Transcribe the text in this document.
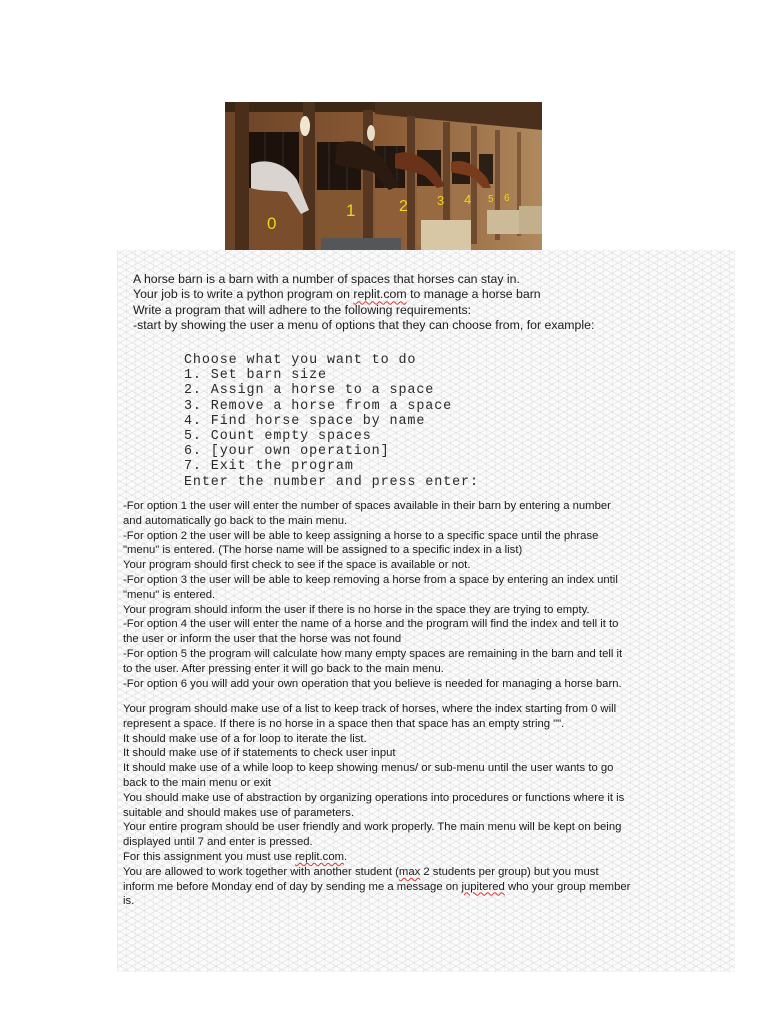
0
1	2 3 4 5 6
A horse barn is a barn with a number of spaces that horses can stay in.
Your job is to write a python program on replit.com to manage a horse barn
Write a program that will adhere to the following requirements:
-start by showing the user a menu of options that they can choose from, for example:
Choose what you want to do
1. Set barn size
2. Assign a horse to a space
3. Remove a horse from a space
4. Find horse space by name
5. Count empty spaces
6. [your own operation]
7. Exit the program
Enter the number and press enter:
-For option 1 the user will enter the number of spaces available in their barn by entering a number
and automatically go back to the main menu.
-For option 2 the user will be able to keep assigning a horse to a specific space until the phrase
"menu" is entered. (The horse name will be assigned to a specific index in a list)
Your program should first check to see if the space is available or not.
-For option 3 the user will be able to keep removing a horse from a space by entering an index until
"menu" is entered.
Your program should inform the user if there is no horse in the space they are trying to empty.
-For option 4 the user will enter the name of a horse and the program will find the index and tell it to
the user or inform the user that the horse was not found
-For option 5 the program will calculate how many empty spaces are remaining in the barn and tell it
to the user. After pressing enter it will go back to the main menu.
-For option 6 you will add your own operation that you believe is needed for managing a horse barn.
Your program should make use of a list to keep track of horses, where the index starting from 0 will
represent a space. If there is no horse in a space then that space has an empty string "".
It should make use of a for loop to iterate the list.
It should make use of if statements to check user input
It should make use of a while loop to keep showing menus/ or sub-menu until the user wants to go
back to the main menu or exit
You should make use of abstraction by organizing operations into procedures or functions where it is
suitable and should makes use of parameters.
Your entire program should be user friendly and work properly. The main menu will be kept on being
displayed until 7 and enter is pressed.
For this assignment you must use replit.com.
You are allowed to work together with another student (max 2 students per group) but you must
inform me before Monday end of day by sending me a message on jupitered who your group member
is.
